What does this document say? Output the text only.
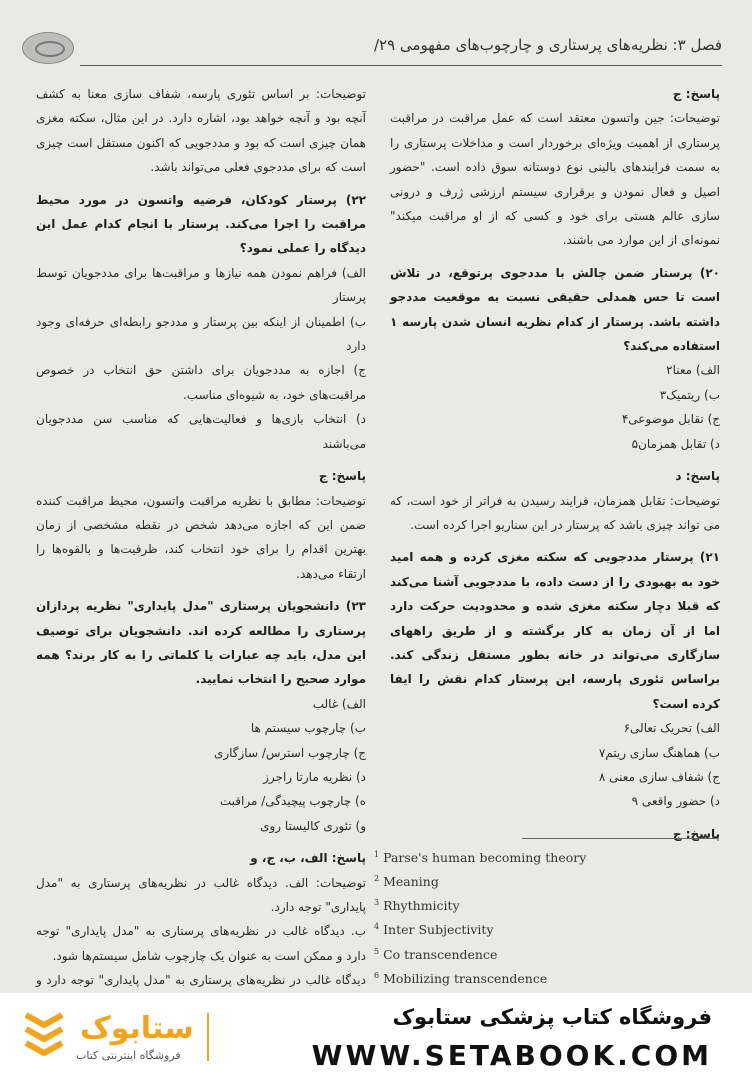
فصل ۳: نظریه‌های پرستاری و چارچوب‌های مفهومی ۲۹/

پاسخ: ج

توضیحات: جین واتسون معتقد است که عمل مراقبت در مراقبت پرستاری از اهمیت ویژه‌ای برخوردار است و مداخلات پرستاری را به سمت فرایندهای بالینی نوع دوستانه سوق داده است. "حضور اصیل و فعال نمودن و برقراری سیستم ارزشی ژرف و درونی سازی عالم هستی برای خود و کسی که از او مراقبت میکند" نمونه‌ای از این موارد می باشند.

۲۰) پرستار ضمن چالش با مددجوی پرتوقع، در تلاش است تا حس همدلی حقیقی نسبت به موقعیت مددجو داشته باشد. پرستار از کدام نظریه انسان شدن پارسه ۱ استفاده می‌کند؟

الف) معنا۲

ب) ریتمیک۳

ج) تقابل موضوعی۴

د) تقابل همزمان۵

پاسخ: د

توضیحات: تقابل همزمان، فرایند رسیدن به فراتر از خود است، که می تواند چیزی باشد که پرستار در این سناریو اجرا کرده است.

۲۱) پرستار مددجویی که سکته مغزی کرده و همه امید خود به بهبودی را از دست داده، با مددجویی آشنا می‌کند که قبلا دچار سکته مغزی شده و محدودیت حرکت دارد اما از آن زمان به کار برگشته و از طریق راههای سازگاری می‌تواند در خانه بطور مستقل زندگی کند. براساس تئوری پارسه، این پرستار کدام نقش را ایفا کرده است؟

الف) تحریک تعالی۶

ب) هماهنگ سازی ریتم۷

ج) شفاف سازی معنی ۸

د) حضور واقعی ۹

پاسخ: ج

توضیحات: بر اساس تئوری پارسه، شفاف سازی معنا به کشف آنچه بود و آنچه خواهد بود، اشاره دارد. در این مثال، سکته مغزی همان چیزی است که بود و مددجویی که اکنون مستقل است چیزی است که برای مددجوی فعلی می‌تواند باشد.

۲۲) پرستار کودکان، فرضیه واتسون در مورد محیط مراقبت را اجرا می‌کند. پرستار با انجام کدام عمل این دیدگاه را عملی نمود؟

الف) فراهم نمودن همه نیازها و مراقبت‌ها برای مددجویان توسط پرستار

ب) اطمینان از اینکه بین پرستار و مددجو رابطه‌ای حرفه‌ای وجود دارد

ج) اجازه به مددجویان برای داشتن حق انتخاب در خصوص مراقبت‌های خود، به شیوه‌ای مناسب.

د) انتخاب بازی‌ها و فعالیت‌هایی که مناسب سن مددجویان می‌باشند

پاسخ: ج

توضیحات: مطابق با نظریه مراقبت واتسون، محیط مراقبت کننده ضمن این که اجازه می‌دهد شخص در نقطه مشخصی از زمان بهترین اقدام را برای خود انتخاب کند، ظرفیت‌ها و بالقوه‌ها را ارتقاء می‌دهد.

۲۳) دانشجویان پرستاری "مدل پایداری" نظریه پردازان پرستاری را مطالعه کرده اند. دانشجویان برای توصیف این مدل، باید چه عبارات یا کلماتی را به کار برند؟ همه موارد صحیح را انتخاب نمایید.

الف) غالب

ب) چارچوب سیستم ها

ج) چارچوب استرس/ سازگاری

د) نظریه مارتا راجرز

ه) چارچوب پیچیدگی/ مراقبت

و) تئوری کالیستا روی

پاسخ: الف، ب، ج، و

توضیحات: الف. دیدگاه غالب در نظریه‌های پرستاری به "مدل پایداری" توجه دارد.

ب. دیدگاه غالب در نظریه‌های پرستاری به "مدل پایداری" توجه دارد و ممکن است به عنوان یک چارچوب شامل سیستم‌ها شود.

دیدگاه غالب در نظریه‌های پرستاری به "مدل پایداری" توجه دارد و

$^1$ Parse's human becoming theory
$^2$ Meaning
$^3$ Rhythmicity
$^4$ Inter Subjectivity
$^5$ Co transcendence
$^6$ Mobilizing transcendence
ستابوک
فروشگاه اینترنتی کتاب
فروشگاه کتاب پزشکی ستابوک
WWW.SETABOOK.COM
